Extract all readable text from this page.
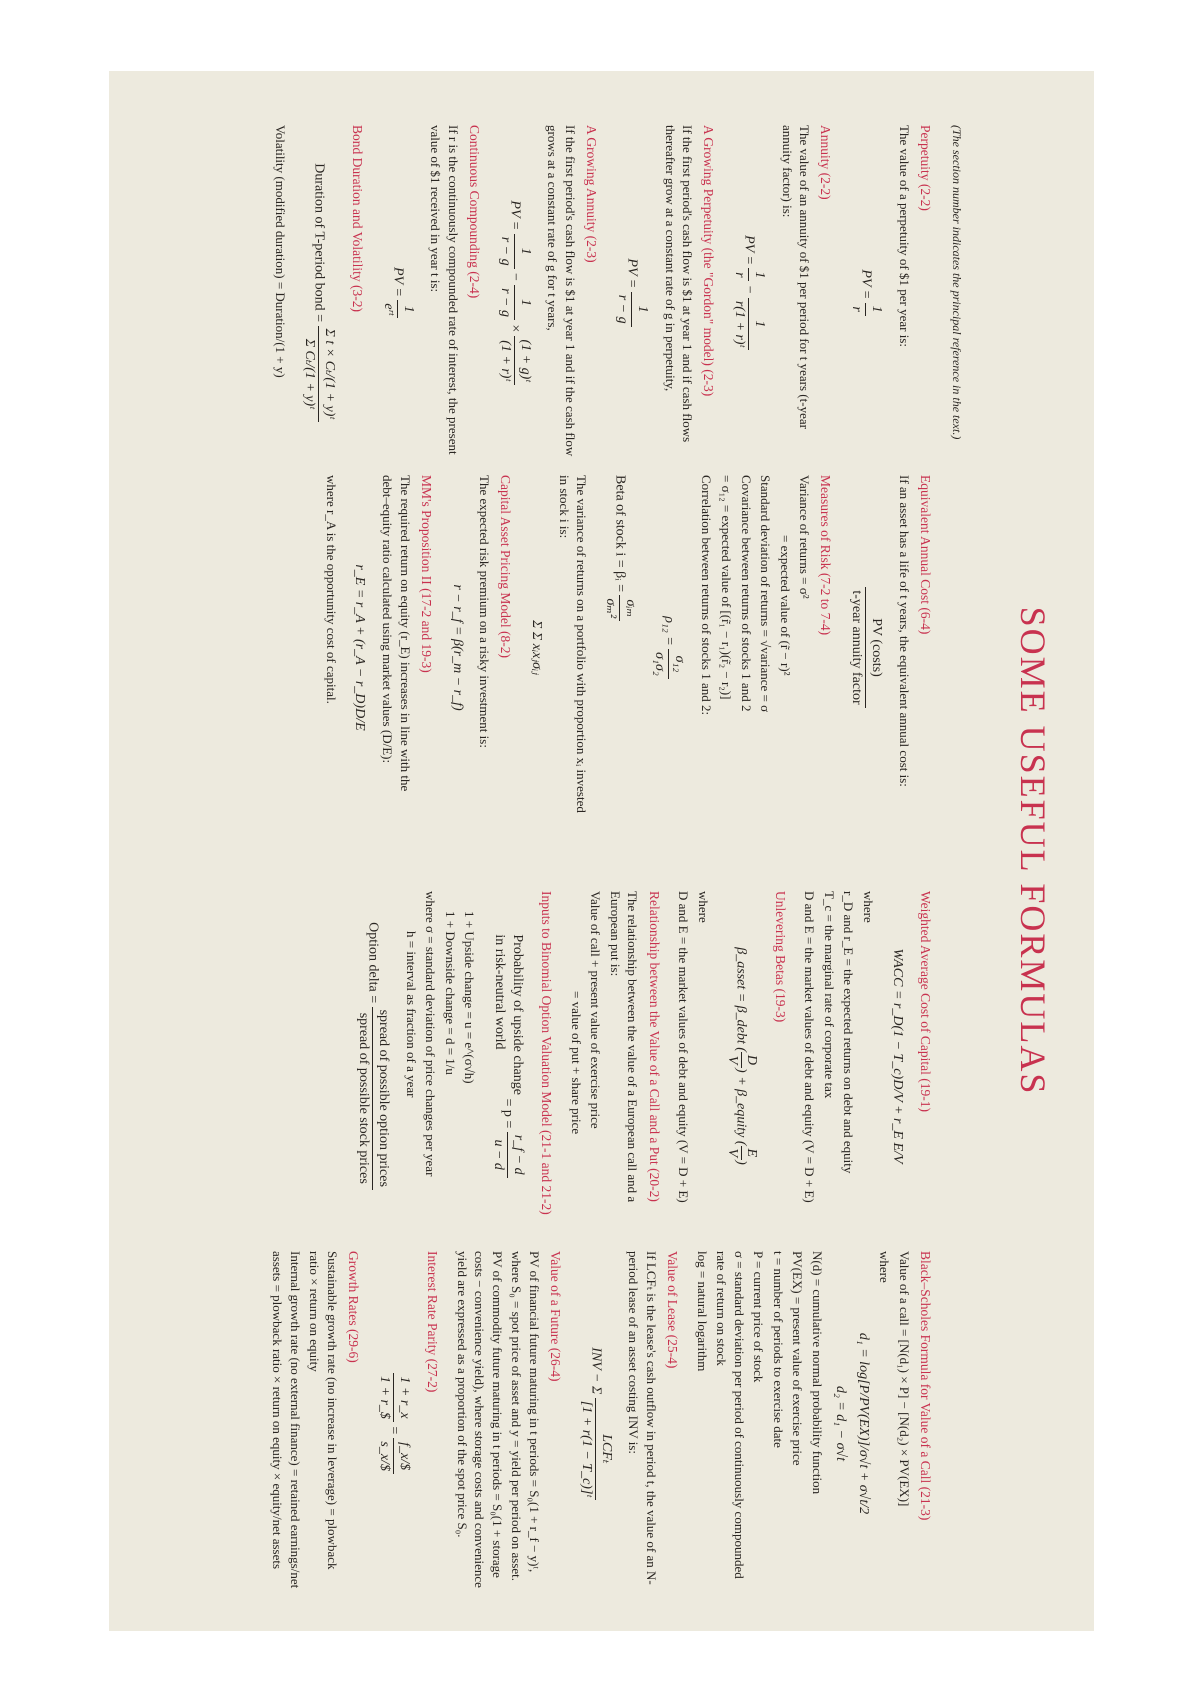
SOME USEFUL FORMULAS
(The section number indicates the principal reference in the text.)
Perpetuity (2-2)

The value of a perpetuity of $1 per year is:

PV =
1
r
Annuity (2-2)

The value of an annuity of $1 per period for t years (t-year annuity factor) is:

PV =
1
r
−
1
r(1 + r)ᵗ
A Growing Perpetuity (the "Gordon" model) (2-3)

If the first period's cash flow is $1 at year 1 and if cash flows thereafter grow at a constant rate of g in perpetuity,

PV =
1
r − g
A Growing Annuity (2-3)

If the first period's cash flow is $1 at year 1 and if the cash flow grows at a constant rate of g for t years,

PV =
1
r − g
−
1
r − g
×
(1 + g)ᵗ
(1 + r)ᵗ
Continuous Compounding (2-4)

If r is the continuously compounded rate of interest, the present value of $1 received in year t is:

PV =
1
eʳᵗ
Bond Duration and Volatility (3-2)
Duration of T-period bond =
Σ t × Cₜ/(1 + y)ᵗ
Σ Cₜ/(1 + y)ᵗ

Volatility (modified duration) = Duration/(1 + y)

Equivalent Annual Cost (6-4)

If an asset has a life of t years, the equivalent annual cost is:

PV (costs)
t-year annuity factor
Measures of Risk (7-2 to 7-4)

Variance of returns = σ²

= expected value of (r̃ − r)²

Standard deviation of returns = √variance = σ

Covariance between returns of stocks 1 and 2

= σ₁₂ = expected value of [(r̃₁ − r₁)(r̃₂ − r₂)]

Correlation between returns of stocks 1 and 2:

ρ₁₂ =
σ₁₂
σ₁σ₂
Beta of stock i = βᵢ =
σᵢₘ
σₘ²

The variance of returns on a portfolio with proportion xᵢ invested in stock i is:

Σ Σ xᵢxⱼσᵢⱼ
Capital Asset Pricing Model (8-2)

The expected risk premium on a risky investment is:

r − r_f = β(r_m − r_f)
MM's Proposition II (17-2 and 19-3)

The required return on equity (r_E) increases in line with the debt–equity ratio calculated using market values (D/E):

r_E = r_A + (r_A − r_D)D/E

where r_A is the opportunity cost of capital.

Weighted Average Cost of Capital (19-1)
WACC = r_D(1 − T_c)D/V + r_E E/V

where

r_D and r_E = the expected returns on debt and equity

T_c = the marginal rate of corporate tax

D and E = the market values of debt and equity (V = D + E)

Unlevering Betas (19-3)
β_asset = β_debt (
D
V
) + β_equity (
E
V
)

where

D and E = the market values of debt and equity (V = D + E)

Relationship between the Value of a Call and a Put (20-2)

The relationship between the value of a European call and a European put is:

Value of call + present value of exercise price

= value of put + share price

Inputs to Binomial Option Valuation Model (21-1 and 21-2)
Probability of upside change
in risk-neutral world
= p =
r_f − d
u − d

1 + Upside change = u = e^(σ√h)

1 + Downside change = d = 1/u

where σ = standard deviation of price changes per year

h = interval as fraction of a year

Option delta =
spread of possible option prices
spread of possible stock prices
Black–Scholes Formula for Value of a Call (21-3)

Value of a call = [N(d₁) × P] − [N(d₂) × PV(EX)]

where

d₁ = log[P/PV(EX)]/σ√t + σ√t/2
d₂ = d₁ − σ√t

N(d) = cumulative normal probability function

PV(EX) = present value of exercise price

t = number of periods to exercise date

P = current price of stock

σ = standard deviation per period of continuously compounded rate of return on stock

log = natural logarithm

Value of Lease (25-4)

If LCFₜ is the lease's cash outflow in period t, the value of an N-period lease of an asset costing INV is:

INV − Σ
LCFₜ
[1 + r(1 − T_c)]ᵗ
Value of a Future (26-4)

PV of financial future maturing in t periods = S₀(1 + r_f − y)ᵗ, where S₀ = spot price of asset and y = yield per period on asset.

PV of commodity future maturing in t periods = S₀(1 + storage costs − convenience yield), where storage costs and convenience yield are expressed as a proportion of the spot price S₀.

Interest Rate Parity (27-2)
1 + r_x
1 + r_$
=
f_x/$
s_x/$
Growth Rates (29-6)

Sustainable growth rate (no increase in leverage) = plowback ratio × return on equity

Internal growth rate (no external finance) = retained earnings/net assets = plowback ratio × return on equity × equity/net assets
